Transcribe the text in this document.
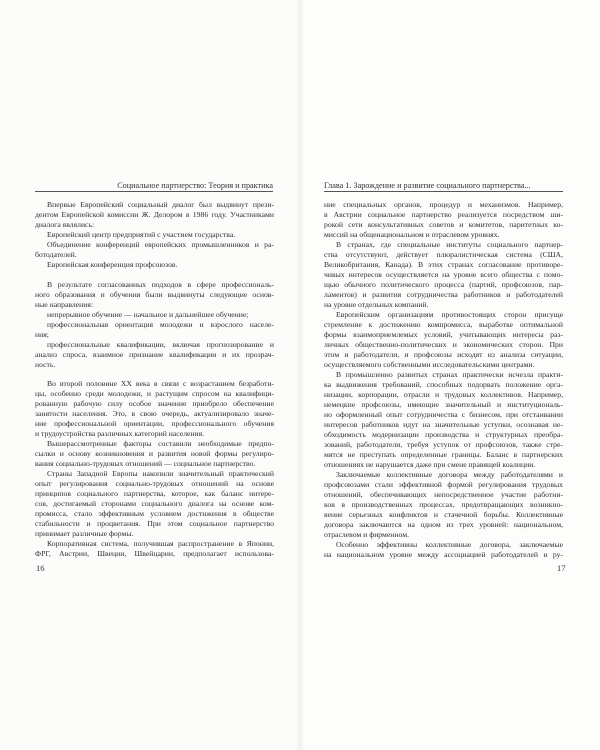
Социальное партнерство: Теория и практика
Впервые Европейский социальный диалог был выдвинут прези-
дентом Европейской комиссии Ж. Делором в 1986 году. Участниками
диалога являлись:
Европейский центр предприятий с участием государства.
Объединение конференций европейских промышленников и ра-
ботодателей.
Европейская конференция профсоюзов.
В результате согласованных подходов в сфере профессиональ-
ного образования и обучения были выдвинуты следующие основ-
ные направления:
непрерывное обучение — начальное и дальнейшее обучение;
профессиональная ориентация молодежи и взрослого населе-
ния;
профессиональные квалификации, включая прогнозирование и
анализ спроса, взаимное признание квалификации и их прозрач-
ность.
Во второй половине XX века в связи с возрастанием безработи-
цы, особенно среди молодежи, и растущим спросом на квалифици-
рованную рабочую силу особое значение приобрело обеспечение
занятости населения. Это, в свою очередь, актуализировало значе-
ние профессиональной ориентации, профессионального обучения
и трудоустройства различных категорий населения.
Вышерассмотренные факторы составили необходимые предпо-
сылки и основу возникновения и развития новой формы регулиро-
вания социально-трудовых отношений — социальное партнерство.
Страны Западной Европы накопили значительный практический
опыт регулирования социально-трудовых отношений на основе
принципов социального партнерства, которое, как баланс интере-
сов, достигаемый сторонами социального диалога на основе ком-
промисса, стало эффективным условием достижения в обществе
стабильности и процветания. При этом социальное партнерство
принимает различные формы.
Корпоративная система, получившая распространение в Японии,
ФРГ, Австрии, Швеции, Швейцарии, предполагает использова-
16
Глава 1. Зарождение и развитие социального партнерства...
ние специальных органов, процедур и механизмов. Например,
в Австрии социальное партнерство реализуется посредством ши-
рокой сети консультативных советов и комитетов, паритетных ко-
миссий на общенациональном и отраслевом уровнях.
В странах, где специальные институты социального партнер-
ства отсутствуют, действует плюралистическая система (США,
Великобритания, Канада). В этих странах согласование противоре-
чивых интересов осуществляется на уровне всего общества с помо-
щью обычного политического процесса (партий, профсоюзов, пар-
ламентов) и развития сотрудничества работников и работодателей
на уровне отдельных компаний.
Европейским организациям противостоящих сторон присуще
стремление к достижению компромисса, выработке оптимальной
формы взаимоприемлемых условий, учитывающих интересы раз-
личных общественно-политических и экономических сторон. При
этом и работодатели, и профсоюзы исходят из анализа ситуации,
осуществляемого собственными исследовательскими центрами.
В промышленно развитых странах практически исчезла практи-
ка выдвижения требований, способных подорвать положение орга-
низации, корпорации, отрасли и трудовых коллективов. Например,
немецкие профсоюзы, имеющие значительный и институциональ-
но оформленный опыт сотрудничества с бизнесом, при отстаивании
интересов работников идут на значительные уступки, осознавая не-
обходимость модернизации производства и структурных преобра-
зований, работодатели, требуя уступок от профсоюзов, также стре-
мятся не преступать определенные границы. Баланс в партнерских
отношениях не нарушается даже при смене правящей коалиции.
Заключаемые коллективные договора между работодателями и
профсоюзами стали эффективной формой регулирования трудовых
отношений, обеспечивающих непосредственное участие работни-
ков в производственных процессах, предотвращающих возникно-
вение серьезных конфликтов и стачечной борьбы. Коллективные
договора заключаются на одном из трех уровней: национальном,
отраслевом и фирменном.
Особенно эффективны коллективные договора, заключаемые
на национальном уровне между ассоциацией работодателей и ру-
17
